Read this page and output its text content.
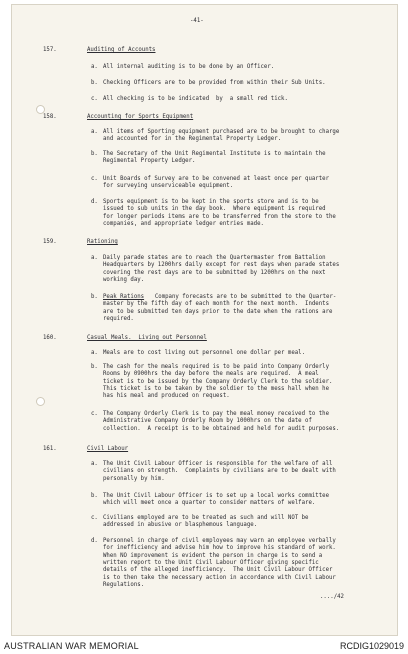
-41-
157.	Auditing of Accounts
a. All internal auditing is to be done by an Officer.
b. Checking Officers are to be provided from within their Sub Units.
c. All checking is to be indicated  by  a small red tick.
158.	Accounting for Sports Equipment
a. All items of Sporting equipment purchased are to be brought to charge
and accounted for in the Regimental Property Ledger.
b. The Secretary of the Unit Regimental Institute is to maintain the
Regimental Property Ledger.
c. Unit Boards of Survey are to be convened at least once per quarter
for surveying unserviceable equipment.
d. Sports equipment is to be kept in the sports store and is to be
issued to sub units in the day book.  Where equipment is required
for longer periods items are to be transferred from the store to the
companies, and appropriate ledger entries made.
159.	Rationing
a. Daily parade states are to reach the Quartermaster from Battalion
Headquarters by 1200hrs daily except for rest days when parade states
covering the rest days are to be submitted by 1200hrs on the next
working day.
b. Peak Rations Company forecasts are to be submitted to the Quarter-
master by the fifth day of each month for the next month.  Indents
are to be submitted ten days prior to the date when the rations are
required.
160.	Casual Meals.  Living out Personnel
a. Meals are to cost living out personnel one dollar per meal.
b. The cash for the meals required is to be paid into Company Orderly
Rooms by 0900hrs the day before the meals are required.  A meal
ticket is to be issued by the Company Orderly Clerk to the soldier.
This ticket is to be taken by the soldier to the mess hall when he
has his meal and produced on request.
c. The Company Orderly Clerk is to pay the meal money received to the
Administrative Company Orderly Room by 1000hrs on the date of
collection.  A receipt is to be obtained and held for audit purposes.
161.	Civil Labour
a. The Unit Civil Labour Officer is responsible for the welfare of all
civilians on strength.  Complaints by civilians are to be dealt with
personally by him.
b. The Unit Civil Labour Officer is to set up a local works committee
which will meet once a quarter to consider matters of welfare.
c. Civilians employed are to be treated as such and will NOT be
addressed in abusive or blasphemous language.
d. Personnel in charge of civil employees may warn an employee verbally
for inefficiency and advise him how to improve his standard of work.
When NO improvement is evident the person in charge is to send a
written report to the Unit Civil Labour Officer giving specific
details of the alleged inefficiency.  The Unit Civil Labour Officer
is to then take the necessary action in accordance with Civil Labour
Regulations.
..../42
AUSTRALIAN WAR MEMORIAL	RCDIG1029019
